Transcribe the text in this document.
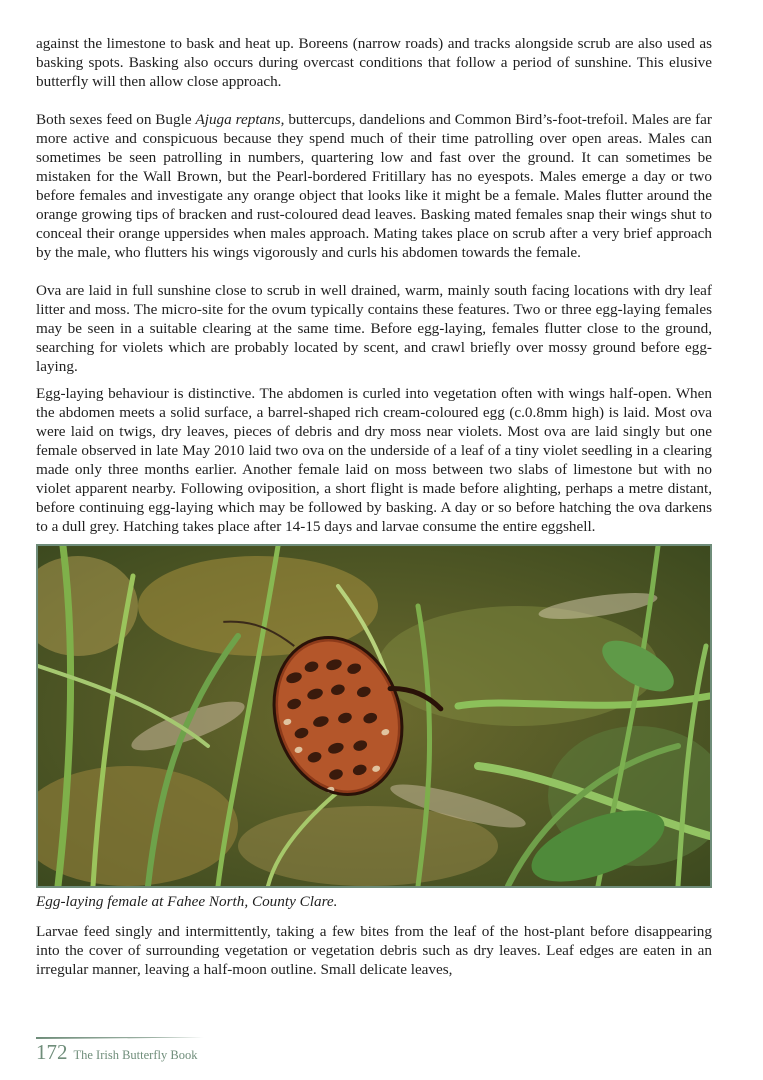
against the limestone to bask and heat up. Boreens (narrow roads) and tracks alongside scrub are also used as basking spots. Basking also occurs during overcast conditions that follow a period of sunshine. This elusive butterfly will then allow close approach.

Both sexes feed on Bugle Ajuga reptans, buttercups, dandelions and Common Bird’s-foot-trefoil. Males are far more active and conspicuous because they spend much of their time patrolling over open areas. Males can sometimes be seen patrolling in numbers, quartering low and fast over the ground. It can sometimes be mistaken for the Wall Brown, but the Pearl-bordered Fritillary has no eyespots. Males emerge a day or two before females and investigate any orange object that looks like it might be a female. Males flutter around the orange growing tips of bracken and rust-coloured dead leaves. Basking mated females snap their wings shut to conceal their orange uppersides when males approach. Mating takes place on scrub after a very brief approach by the male, who flutters his wings vigorously and curls his abdomen towards the female.

Ova are laid in full sunshine close to scrub in well drained, warm, mainly south facing locations with dry leaf litter and moss. The micro-site for the ovum typically contains these features. Two or three egg-laying females may be seen in a suitable clearing at the same time. Before egg-laying, females flutter close to the ground, searching for violets which are probably located by scent, and crawl briefly over mossy ground before egg-laying.

Egg-laying behaviour is distinctive. The abdomen is curled into vegetation often with wings half-open. When the abdomen meets a solid surface, a barrel-shaped rich cream-coloured egg (c.0.8mm high) is laid. Most ova were laid on twigs, dry leaves, pieces of debris and dry moss near violets. Most ova are laid singly but one female observed in late May 2010 laid two ova on the underside of a leaf of a tiny violet seedling in a clearing made only three months earlier. Another female laid on moss between two slabs of limestone but with no violet apparent nearby. Following oviposition, a short flight is made before alighting, perhaps a metre distant, before continuing egg-laying which may be followed by basking. A day or so before hatching the ova darkens to a dull grey. Hatching takes place after 14-15 days and larvae consume the entire eggshell.

Egg-laying female at Fahee North, County Clare.

Larvae feed singly and intermittently, taking a few bites from the leaf of the host-plant before disappearing into the cover of surrounding vegetation or vegetation debris such as dry leaves. Leaf edges are eaten in an irregular manner, leaving a half-moon outline. Small delicate leaves,

172 The Irish Butterfly Book
